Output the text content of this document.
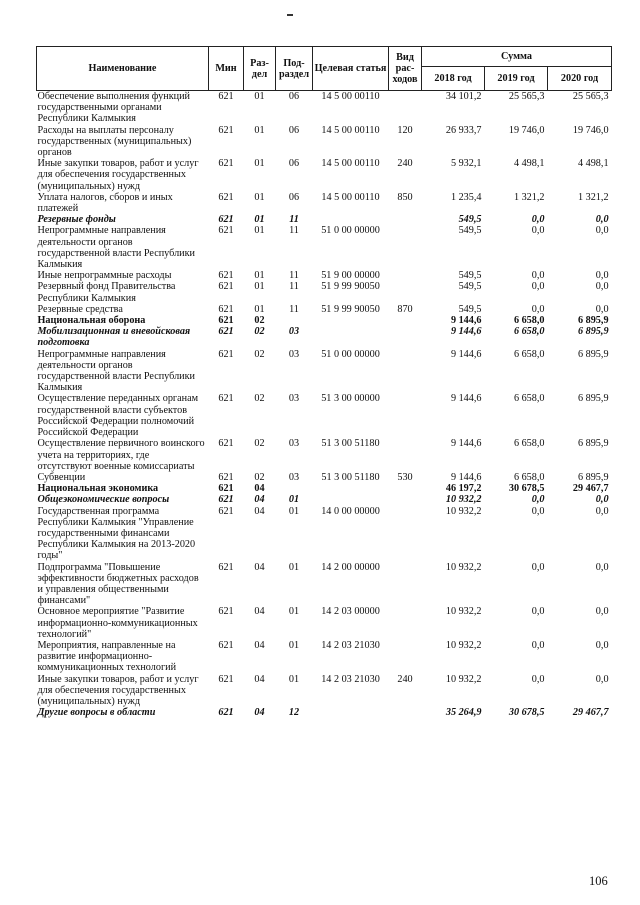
Наименование	Мин	Раз-дел	Под-раздел	Целевая статья	Вид рас-ходов	Сумма		
						2018 год	2019 год	2020 год
Обеспечение выполнения функций государственными органами Республики Калмыкия	621	01	06	14 5 00 00110		34 101,2	25 565,3	25 565,3
Расходы на выплаты персоналу государственных (муниципальных) органов	621	01	06	14 5 00 00110	120	26 933,7	19 746,0	19 746,0
Иные закупки товаров, работ и услуг для обеспечения государственных (муниципальных) нужд	621	01	06	14 5 00 00110	240	5 932,1	4 498,1	4 498,1
Уплата налогов, сборов и иных платежей	621	01	06	14 5 00 00110	850	1 235,4	1 321,2	1 321,2
Резервные фонды	621	01	11			549,5	0,0	0,0
Непрограммные направления деятельности органов государственной власти Республики Калмыкия	621	01	11	51 0 00 00000		549,5	0,0	0,0
Иные непрограммные расходы	621	01	11	51 9 00 00000		549,5	0,0	0,0
Резервный фонд Правительства Республики Калмыкия	621	01	11	51 9 99 90050		549,5	0,0	0,0
Резервные средства	621	01	11	51 9 99 90050	870	549,5	0,0	0,0
Национальная оборона	621	02				9 144,6	6 658,0	6 895,9
Мобилизационная и вневойсковая подготовка	621	02	03			9 144,6	6 658,0	6 895,9
Непрограммные направления деятельности органов государственной власти Республики Калмыкия	621	02	03	51 0 00 00000		9 144,6	6 658,0	6 895,9
Осуществление переданных органам государственной власти субъектов Российской Федерации полномочий Российской Федерации	621	02	03	51 3 00 00000		9 144,6	6 658,0	6 895,9
Осуществление первичного воинского учета на территориях, где отсутствуют военные комиссариаты	621	02	03	51 3 00 51180		9 144,6	6 658,0	6 895,9
Субвенции	621	02	03	51 3 00 51180	530	9 144,6	6 658,0	6 895,9
Национальная экономика	621	04				46 197,2	30 678,5	29 467,7
Общеэкономические вопросы	621	04	01			10 932,2	0,0	0,0
Государственная программа Республики Калмыкия "Управление государственными финансами Республики Калмыкия на 2013-2020 годы"	621	04	01	14 0 00 00000		10 932,2	0,0	0,0
Подпрограмма "Повышение эффективности бюджетных расходов и управления общественными финансами"	621	04	01	14 2 00 00000		10 932,2	0,0	0,0
Основное мероприятие "Развитие информационно-коммуникационных технологий"	621	04	01	14 2 03 00000		10 932,2	0,0	0,0
Мероприятия, направленные на развитие информационно-коммуникационных технологий	621	04	01	14 2 03 21030		10 932,2	0,0	0,0
Иные закупки товаров, работ и услуг для обеспечения государственных (муниципальных) нужд	621	04	01	14 2 03 21030	240	10 932,2	0,0	0,0
Другие вопросы в области	621	04	12			35 264,9	30 678,5	29 467,7
106
